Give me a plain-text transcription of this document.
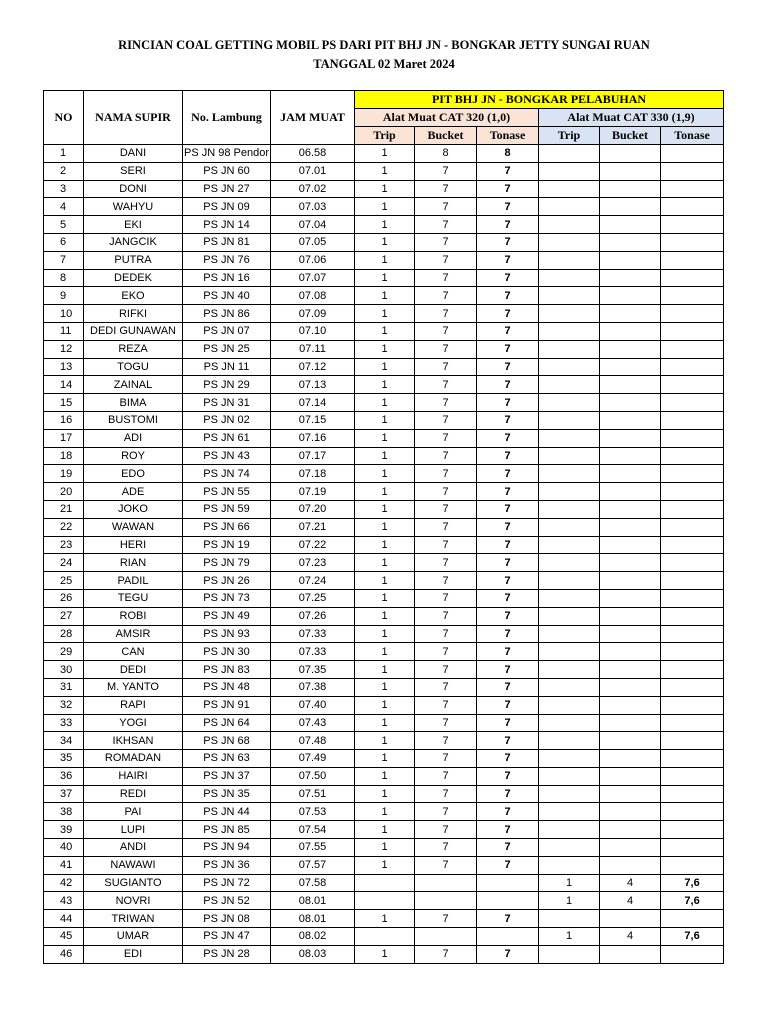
RINCIAN COAL GETTING MOBIL PS DARI PIT BHJ JN - BONGKAR JETTY SUNGAI RUAN
TANGGAL 02 Maret 2024
NO	NAMA SUPIR	No. Lambung	JAM MUAT	PIT BHJ JN - BONGKAR PELABUHAN					
				Alat Muat CAT 320 (1,0)			Alat Muat CAT 330 (1,9)		
				Trip	Bucket	Tonase	Trip	Bucket	Tonase
1	DANI	PS JN 98 Pendor	06.58	1	8	8			
2	SERI	PS JN 60	07.01	1	7	7			
3	DONI	PS JN 27	07.02	1	7	7			
4	WAHYU	PS JN 09	07.03	1	7	7			
5	EKI	PS JN 14	07.04	1	7	7			
6	JANGCIK	PS JN 81	07.05	1	7	7			
7	PUTRA	PS JN 76	07.06	1	7	7			
8	DEDEK	PS JN 16	07.07	1	7	7			
9	EKO	PS JN 40	07.08	1	7	7			
10	RIFKI	PS JN 86	07.09	1	7	7			
11	DEDI GUNAWAN	PS JN 07	07.10	1	7	7			
12	REZA	PS JN 25	07.11	1	7	7			
13	TOGU	PS JN 11	07.12	1	7	7			
14	ZAINAL	PS JN 29	07.13	1	7	7			
15	BIMA	PS JN 31	07.14	1	7	7			
16	BUSTOMI	PS JN 02	07.15	1	7	7			
17	ADI	PS JN 61	07.16	1	7	7			
18	ROY	PS JN 43	07.17	1	7	7			
19	EDO	PS JN 74	07.18	1	7	7			
20	ADE	PS JN 55	07.19	1	7	7			
21	JOKO	PS JN 59	07.20	1	7	7			
22	WAWAN	PS JN 66	07.21	1	7	7			
23	HERI	PS JN 19	07.22	1	7	7			
24	RIAN	PS JN 79	07.23	1	7	7			
25	PADIL	PS JN 26	07.24	1	7	7			
26	TEGU	PS JN 73	07.25	1	7	7			
27	ROBI	PS JN 49	07.26	1	7	7			
28	AMSIR	PS JN 93	07.33	1	7	7			
29	CAN	PS JN 30	07.33	1	7	7			
30	DEDI	PS JN 83	07.35	1	7	7			
31	M. YANTO	PS JN 48	07.38	1	7	7			
32	RAPI	PS JN 91	07.40	1	7	7			
33	YOGI	PS JN 64	07.43	1	7	7			
34	IKHSAN	PS JN 68	07.48	1	7	7			
35	ROMADAN	PS JN 63	07.49	1	7	7			
36	HAIRI	PS JN 37	07.50	1	7	7			
37	REDI	PS JN 35	07.51	1	7	7			
38	PAI	PS JN 44	07.53	1	7	7			
39	LUPI	PS JN 85	07.54	1	7	7			
40	ANDI	PS JN 94	07.55	1	7	7			
41	NAWAWI	PS JN 36	07.57	1	7	7			
42	SUGIANTO	PS JN 72	07.58				1	4	7,6
43	NOVRI	PS JN 52	08.01				1	4	7,6
44	TRIWAN	PS JN 08	08.01	1	7	7			
45	UMAR	PS JN 47	08.02				1	4	7,6
46	EDI	PS JN 28	08.03	1	7	7			
